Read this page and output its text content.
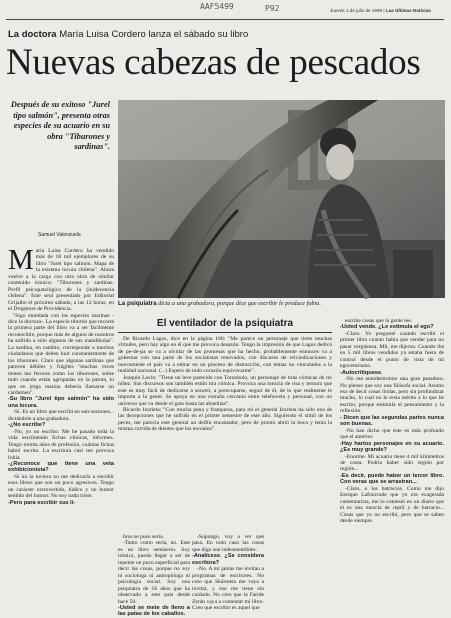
AAF5499	P92	Jueves 1 de julio de 1999 | Las Últimas Noticias
La doctora María Luisa Cordero lanza el sábado su libro
Nuevas cabezas de pescados
Después de su exitoso "Jurel tipo salmón", presenta otras especies de su acuario en su obra "Tiburones y sardinas".
Samuel Valenzuela
La psiquiatra dicta a una grabadora, porque dice que escribir le produce fobia.

María Luisa Cordero ha vendido más de 18 mil ejemplares de su libro "Jurel tipo salmón. Mapa de la extrema locura chilena". Ahora vuelve a la carga con otra obra de similar contenido irónico: "Tiburones y sardinas. Perfil psicopatológico de la (in)decencia chilena". Este será presentado por Editorial Grijalbo el próximo sábado, a las 12 horas, en el Drugstore de Providencia.

"Sigo enredada con las especies marinas -dice la doctora-. La especie tiburón que recorre la primera parte del libro va a ser fácilmente reconocible, porque más de alguno de nosotros ha sufrido a sólo algunos de sus mandíbulas". La sardina, en cambio, corresponde a muchos ciudadanos que deben huir constantemente de los tiburones. Claro que algunas sardinas que parecen débiles y frágiles "muchas veces tienen tan feroces como los tiburones, sobre todo cuando están agrupadas en la patota, lo que en jerga marina debería llamarse un cardumen".

-Su libro "Jurel tipo salmón" ha sido una locura.

-Sí. Es un libro que escribí en seis sesiones... dictándole a una grabadora.

-¿No escribe?

-No, yo no escribo. Me he pasado toda la vida escribiendo fichas clínicas, informes. Tengo treinta años de profesión, cuántas fichas habré escrito. La escritura casi me provoca fobia.

-¿Reconoce que tiene una veta exhibicionista?

-Sí no la tuviera no me dedicaría a escribir esos libros que son un poco agresivos. Tengo un carácter extrovertido, lúdico y un humor sentido del humor. No soy nada triste.

-Pero para escribir sus li-

El ventilador de la psiquiatra

De Ricardo Lagos, dice en la página 106: "Me parece un personaje que tiene muchas virtudes, pero hay algo en él que me provoca desazón. Tengo la impresión de que Lagos dedicó de pe-de-pa se va a olvidar de las promesas que ha hecho, probablemente entonces va a gobernar con una parte de los socialistas renovados, con discurso de reivindicaciones y nuevamente el país va a entrar en un proceso de distracción, con temas no vinculados a la realidad nacional. (...) Espero de todo corazón equivocarme".

Joaquín Lavín: "Tiene un leve parecido con Toronbolo, un personaje de tiras cómicas de mi niñez. Sus discursos son también estilo tira cómica. Provoca una mezcla de risa y ternura que este es muy fácil de dedicarse a sonreír, a preocuparse, seguir de él, de lo que realmente le importa a la gente. Se apoya en una extraña cercanía entre teleñovela y personal, con un universo que va desde el gato hasta las abuelitas".

Ricardo Izurieta: "Con mucha pena y franqueza, para mí el general Izurieta ha sido una de las decepciones que he sufrido en el primer semestre de este año. Siguiendo el símil de los peces, me parecía este general un delfín encantador, pero de pronto abrió la boca y tenía la misma corrida de dientes que los escualos".

bros se puso seria.

-Tanto como seria, no. Este es un libro semiserio. Soy irónica, puedo llegar a ser de repente un poco superficial para decir las cosas, porque no soy ni sociologa ni antropóloga ni psicología social. Soy una psiquiatra de 56 años que ha observado a este país desde hace 50.

-Usted se mete de lleno a las patas de los caballos.

-Supongo, voy a ver qué pasa. En todo caso las cosas que digo son indesmentibles.

-Analícese. ¿Se considera escritora?

-No. A mí jamás me invitan a programas de escritores. No creo que Skármeta me vaya a invitar, y eso me tiene sin cuidado. No creo que la Faride Zerán vaya a comentar mi libro. Creo que escribir es aquel que

escribe cosas que la gente lee.

-Usted vende. ¿Le estimula el ego?

-Claro. Yo pregunté cuando escribí el primer libro cuánto había que vender para no pasar vergüenza. Mil, me dijeron. Cuando iba en 5 mil libros vendidos ya estaba fuera de control desde el punto de vista de mi egocentrismo.

-Autocrítiquese.

-No me autodestruimo una gran pesadora. No pienso que soy una filósofa social. Asumo eso de decir cosas lindas, pero sin profundizar mucho, lo cual no le resta mérito a lo que he escrito, porque estimula el pensamiento y la reflexión.

- Dicen que las segundas partes nunca son buenas.

-No han dicho que éste es más profundo que el anterior.

-Hay hartos personajes en su acuario. ¿Es muy grande?

-Enorme. Mi acuario tiene 4 mil kilómetros de costa. Podría haber sido región por región...

-Es decir, puede haber un tercer libro. Con veras que se arrastran...

-Claro, o los batracios. Como me dijo Enrique Lafourcade que yo era exagerada comentarista, me lo contestó en un diario que él es una mezcla de reptil y de batracio... Cosas que yo no escribí, pero que se saben desde siempre.
